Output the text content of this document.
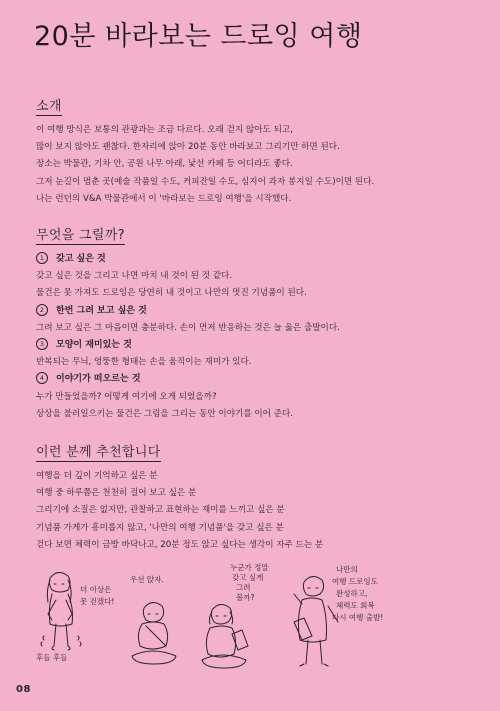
20분 바라보는 드로잉 여행
소개
이 여행 방식은 보통의 관광과는 조금 다르다. 오래 걷지 않아도 되고,
많이 보지 않아도 괜찮다. 한자리에 앉아 20분 동안 바라보고 그리기만 하면 된다.
장소는 박물관, 기차 안, 공원 나무 아래, 낯선 카페 등 어디라도 좋다.
그저 눈길이 멈춘 곳(예술 작품일 수도, 커피잔일 수도, 심지어 과자 봉지일 수도)이면 된다.
나는 런던의 V&A 박물관에서 이 '바라보는 드로잉 여행'을 시작했다.
무엇을 그릴까?
1 갖고 싶은 것
갖고 싶은 것을 그리고 나면 마치 내 것이 된 것 같다.
물건은 못 가져도 드로잉은 당연히 내 것이고 나만의 멋진 기념품이 된다.
2 한번 그려 보고 싶은 것
그려 보고 싶은 그 마음이면 충분하다. 손이 먼저 반응하는 것은 늘 옳은 출발이다.
3 모양이 재미있는 것
반복되는 무늬, 엉뚱한 형태는 손을 움직이는 재미가 있다.
4 이야기가 떠오르는 것
누가 만들었을까? 어떻게 여기에 오게 되었을까?
상상을 불러일으키는 물건은 그림을 그리는 동안 이야기를 이어 준다.
이런 분께 추천합니다
여행을 더 깊이 기억하고 싶은 분
여행 중 하루쯤은 천천히 걸어 보고 싶은 분
그리기에 소질은 없지만, 관찰하고 표현하는 재미를 느끼고 싶은 분
기념품 가게가 흥미롭지 않고, '나만의 여행 기념품'을 갖고 싶은 분
걷다 보면 체력이 금방 바닥나고, 20분 정도 앉고 싶다는 생각이 자주 드는 분
더 이상은
못 걷겠다!
후들 후들
우선 앉자.
누군가 정말
갖고 싶게
그려
볼까?
나만의
여행 드로잉도
완성하고,
체력도 회복
다시 여행 출발!
08
